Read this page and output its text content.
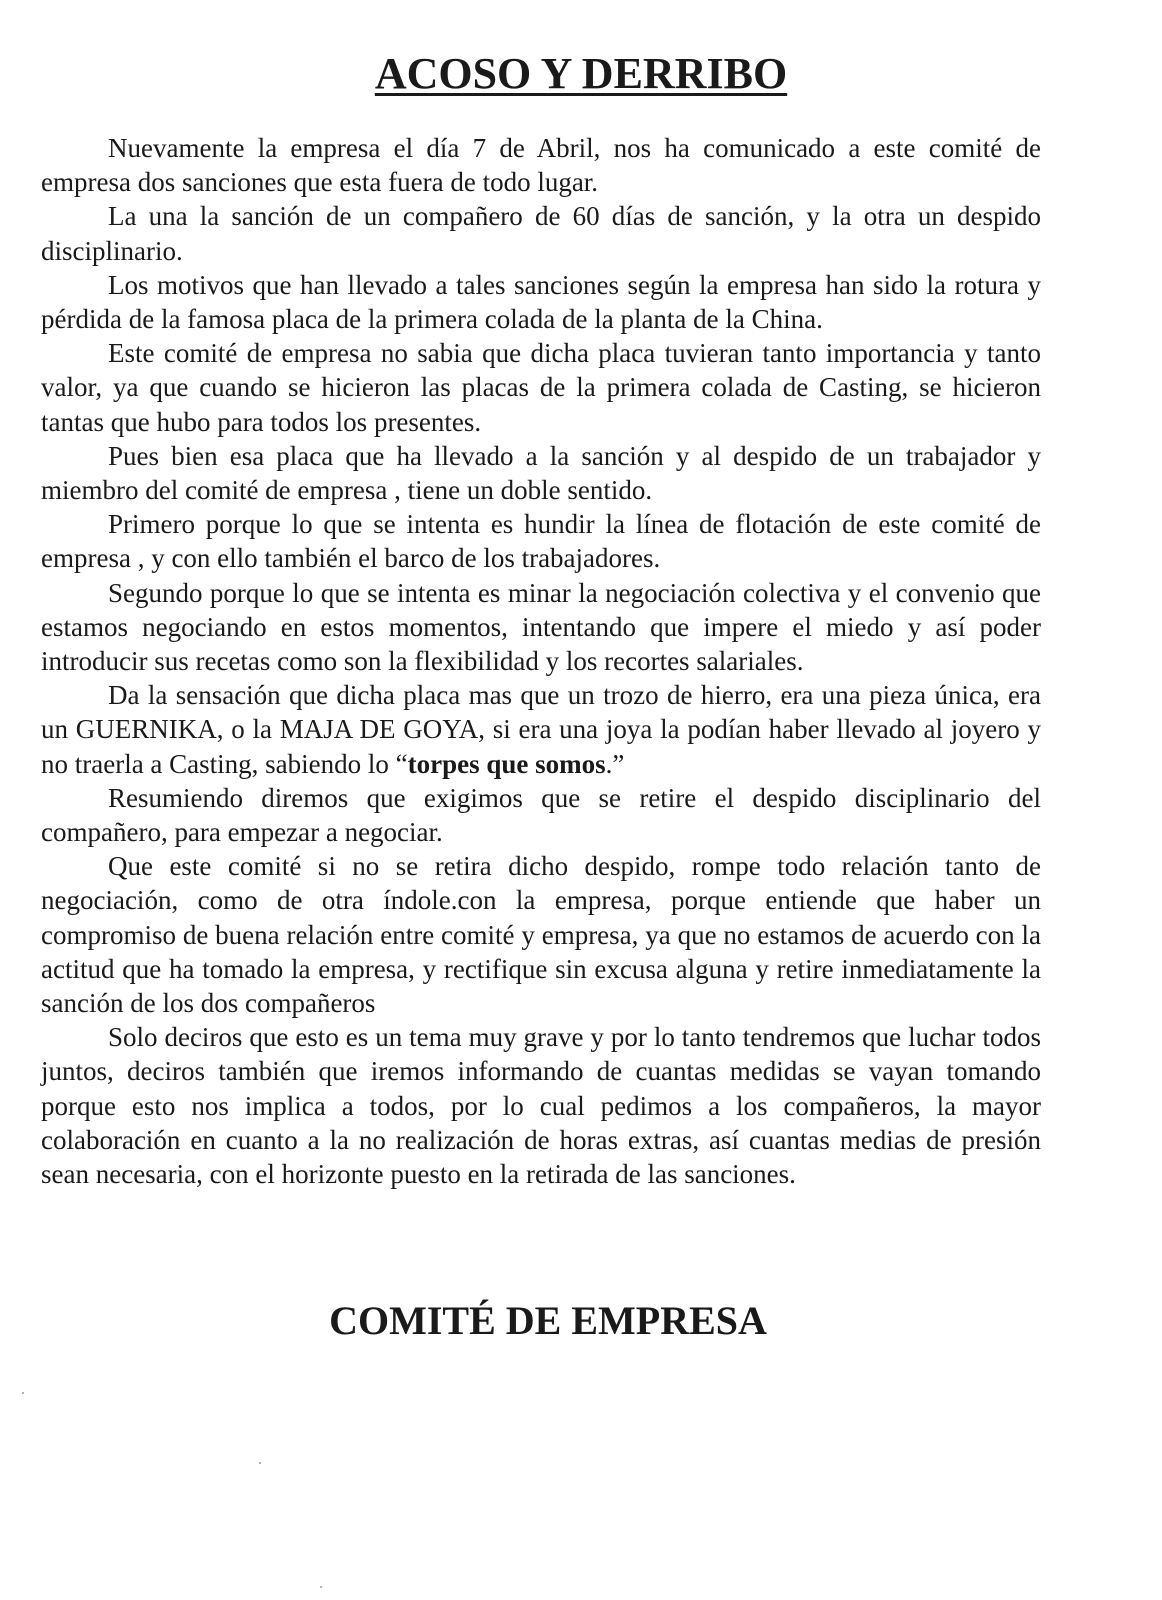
ACOSO Y DERRIBO

Nuevamente la empresa el día 7 de Abril, nos ha comunicado a este comité de empresa dos sanciones que esta fuera de todo lugar.

La una la sanción de un compañero de 60 días de sanción, y la otra un despido disciplinario.

Los motivos que han llevado a tales sanciones según la empresa han sido la rotura y pérdida de la famosa placa de la primera colada de la planta de la China.

Este comité de empresa no sabia que dicha placa tuvieran tanto importancia y tanto valor, ya que cuando se hicieron las placas de la primera colada de Casting, se hicieron tantas que hubo para todos los presentes.

Pues bien esa placa que ha llevado a la sanción y al despido de un trabajador y miembro del comité de empresa , tiene un doble sentido.

Primero porque lo que se intenta es hundir la línea de flotación de este comité de empresa , y con ello también el barco de los trabajadores.

Segundo porque lo que se intenta es minar la negociación colectiva y el convenio que estamos negociando en estos momentos, intentando que impere el miedo y así poder introducir sus recetas como son la flexibilidad y los recortes salariales.

Da la sensación que dicha placa mas que un trozo de hierro, era una pieza única, era un GUERNIKA, o la MAJA DE GOYA, si era una joya la podían haber llevado al joyero y no traerla a Casting, sabiendo lo “torpes que somos.”

Resumiendo diremos que exigimos que se retire el despido disciplinario del compañero, para empezar a negociar.

Que este comité si no se retira dicho despido, rompe todo relación tanto de negociación, como de otra índole.con la empresa, porque entiende que haber un compromiso de buena relación entre comité y empresa, ya que no estamos de acuerdo con la actitud que ha tomado la empresa, y rectifique sin excusa alguna y retire inmediatamente la sanción de los dos compañeros

Solo deciros que esto es un tema muy grave y por lo tanto tendremos que luchar todos juntos, deciros también que iremos informando de cuantas medidas se vayan tomando porque esto nos implica a todos, por lo cual pedimos a los compañeros, la mayor colaboración en cuanto a la no realización de horas extras, así cuantas medias de presión sean necesaria, con el horizonte puesto en la retirada de las sanciones.

COMITÉ DE EMPRESA
